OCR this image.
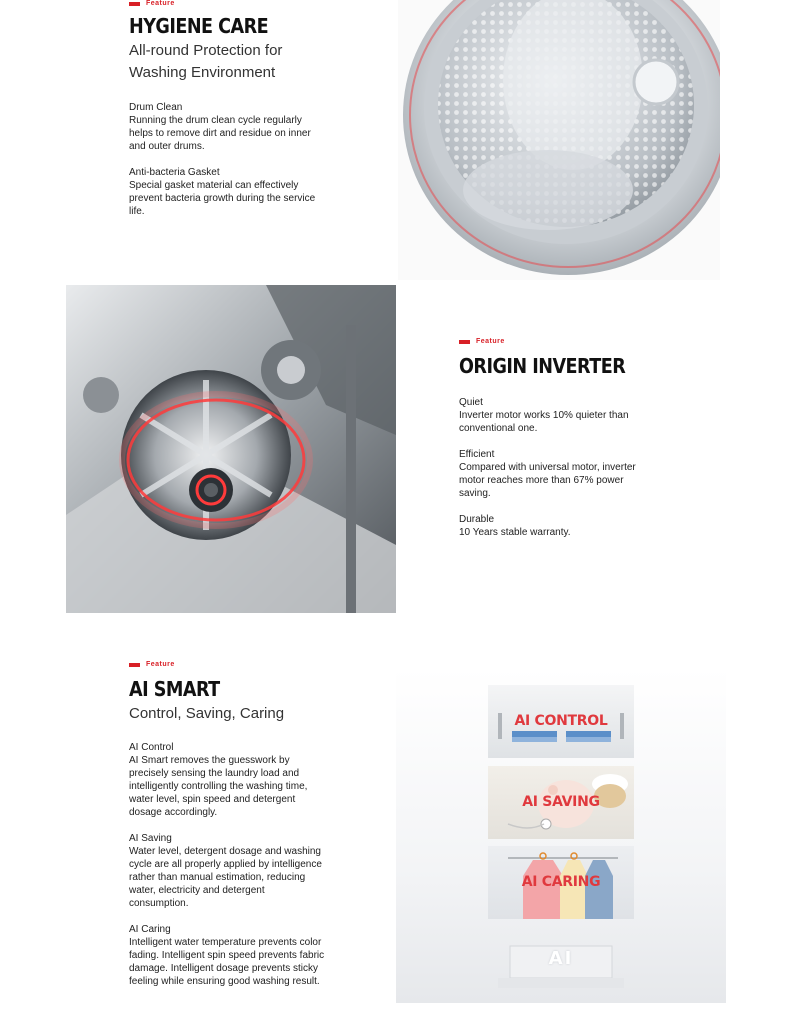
Feature
HYGIENE CARE
All-round Protection for
Washing Environment

Drum Clean
Running the drum clean cycle regularly
helps to remove dirt and residue on inner
and outer drums.

Anti-bacteria Gasket
Special gasket material can effectively
prevent bacteria growth during the service
life.

Feature
ORIGIN INVERTER

Quiet
Inverter motor works 10% quieter than
conventional one.

Efficient
Compared with universal motor, inverter
motor reaches more than 67% power
saving.

Durable
10 Years stable warranty.

Feature
AI SMART
Control, Saving, Caring

AI Control
AI Smart removes the guesswork by
precisely sensing the laundry load and
intelligently controlling the washing time,
water level, spin speed and detergent
dosage accordingly.

AI Saving
Water level, detergent dosage and washing
cycle are all properly applied by intelligence
rather than manual estimation, reducing
water, electricity and detergent
consumption.

AI Caring
Intelligent water temperature prevents color
fading. Intelligent spin speed prevents fabric
damage. Intelligent dosage prevents sticky
feeling while ensuring good washing result.

AI CONTROL
AI SAVING
AI CARING
AI
